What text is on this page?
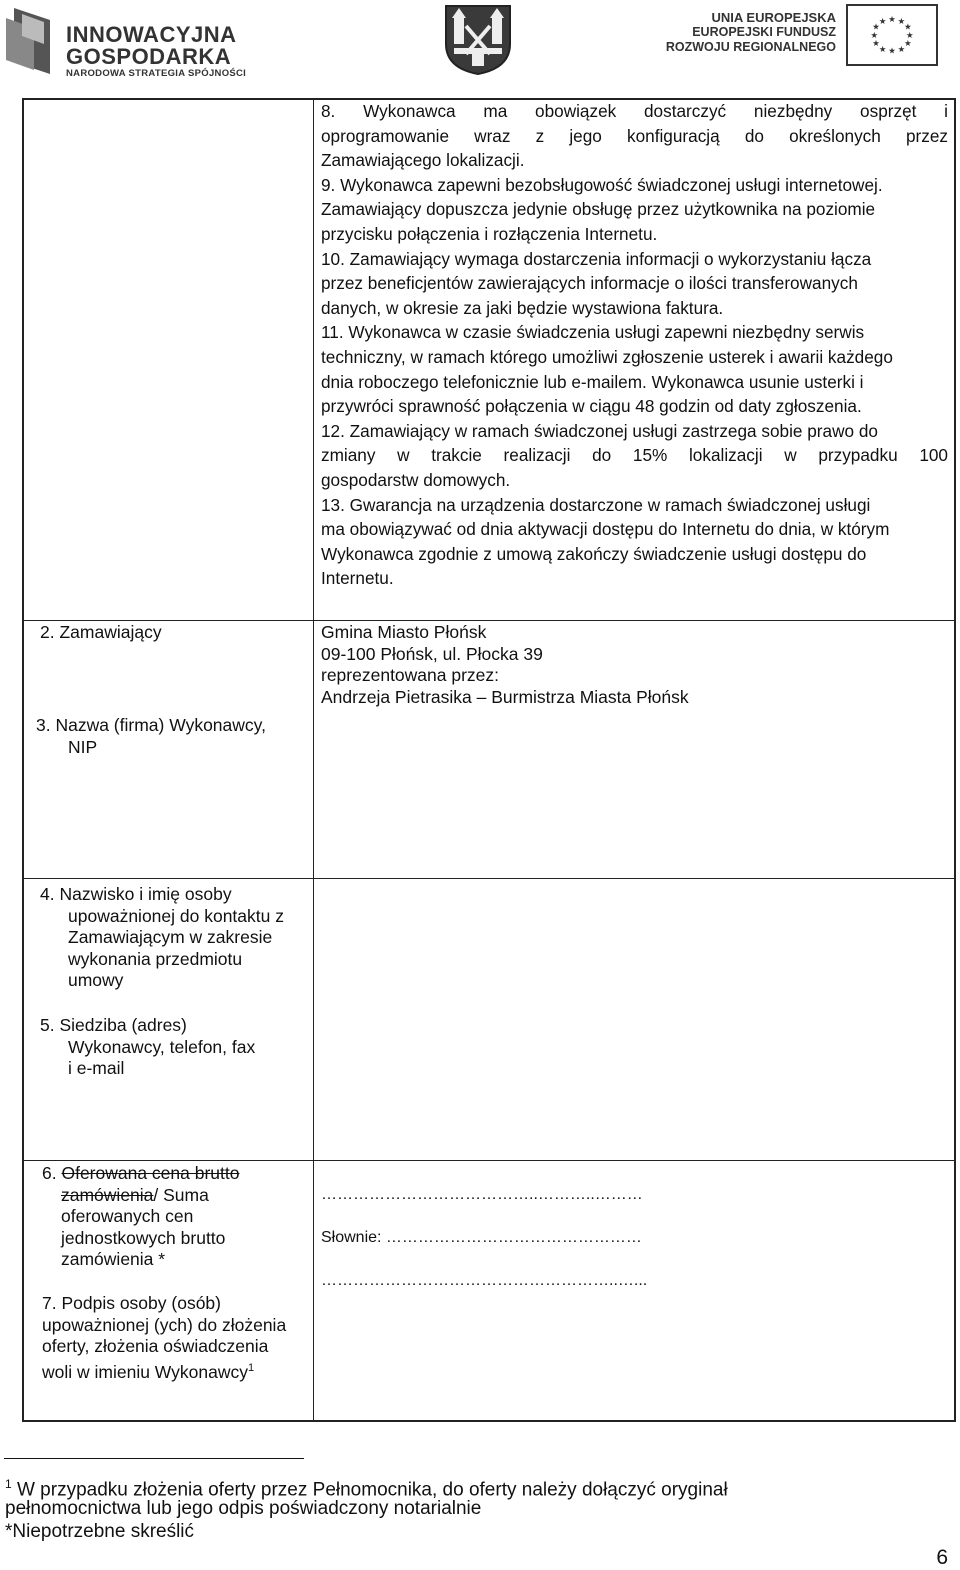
INNOWACYJNA
GOSPODARKA
NARODOWA STRATEGIA SPÓJNOŚCI
UNIA EUROPEJSKA
EUROPEJSKI FUNDUSZ
ROZWOJU REGIONALNEGO
★ ★
★
★
★
★
★
★
★
★
★
★
8. Wykonawca ma obowiązek dostarczyć niezbędny osprzęt i
oprogramowanie wraz z jego konfiguracją do określonych przez
Zamawiającego lokalizacji.
9. Wykonawca zapewni bezobsługowość świadczonej usługi internetowej.
Zamawiający dopuszcza jedynie obsługę przez użytkownika na poziomie
przycisku połączenia i rozłączenia Internetu.
10. Zamawiający wymaga dostarczenia informacji o wykorzystaniu łącza
przez beneficjentów zawierających informacje o ilości transferowanych
danych, w okresie za jaki będzie wystawiona faktura.
11. Wykonawca w czasie świadczenia usługi zapewni niezbędny serwis
techniczny, w ramach którego umożliwi zgłoszenie usterek i awarii każdego
dnia roboczego telefonicznie lub e-mailem. Wykonawca usunie usterki i
przywróci sprawność połączenia w ciągu 48 godzin od daty zgłoszenia.
12. Zamawiający w ramach świadczonej usługi zastrzega sobie prawo do
zmiany w trakcie realizacji do 15% lokalizacji w przypadku 100
gospodarstw domowych.
13. Gwarancja na urządzenia dostarczone w ramach świadczonej usługi
ma obowiązywać od dnia aktywacji dostępu do Internetu do dnia, w którym
Wykonawca zgodnie z umową zakończy świadczenie usługi dostępu do
Internetu.
2. Zamawiający	Gmina Miasto Płońsk
09-100 Płońsk, ul. Płocka 39
reprezentowana przez:
Andrzeja Pietrasika – Burmistrza Miasta Płońsk
3. Nazwa (firma) Wykonawcy,
NIP
4. Nazwisko i imię osoby
upoważnionej do kontaktu z
Zamawiającym w zakresie
wykonania przedmiotu
umowy
5. Siedziba (adres)
Wykonawcy, telefon, fax
i e-mail
6. Oferowana cena brutto
zamówienia/ Suma
oferowanych cen
jednostkowych brutto
zamówienia *
…………………………………..………..………
Słownie: …………………………………………
………………………………………………..…...
7. Podpis osoby (osób)
upoważnionej (ych) do złożenia
oferty, złożenia oświadczenia
woli w imieniu Wykonawcy$^1$
$^1$ W przypadku złożenia oferty przez Pełnomocnika, do oferty należy dołączyć oryginał
pełnomocnictwa lub jego odpis poświadczony notarialnie
*Niepotrzebne skreślić
6
